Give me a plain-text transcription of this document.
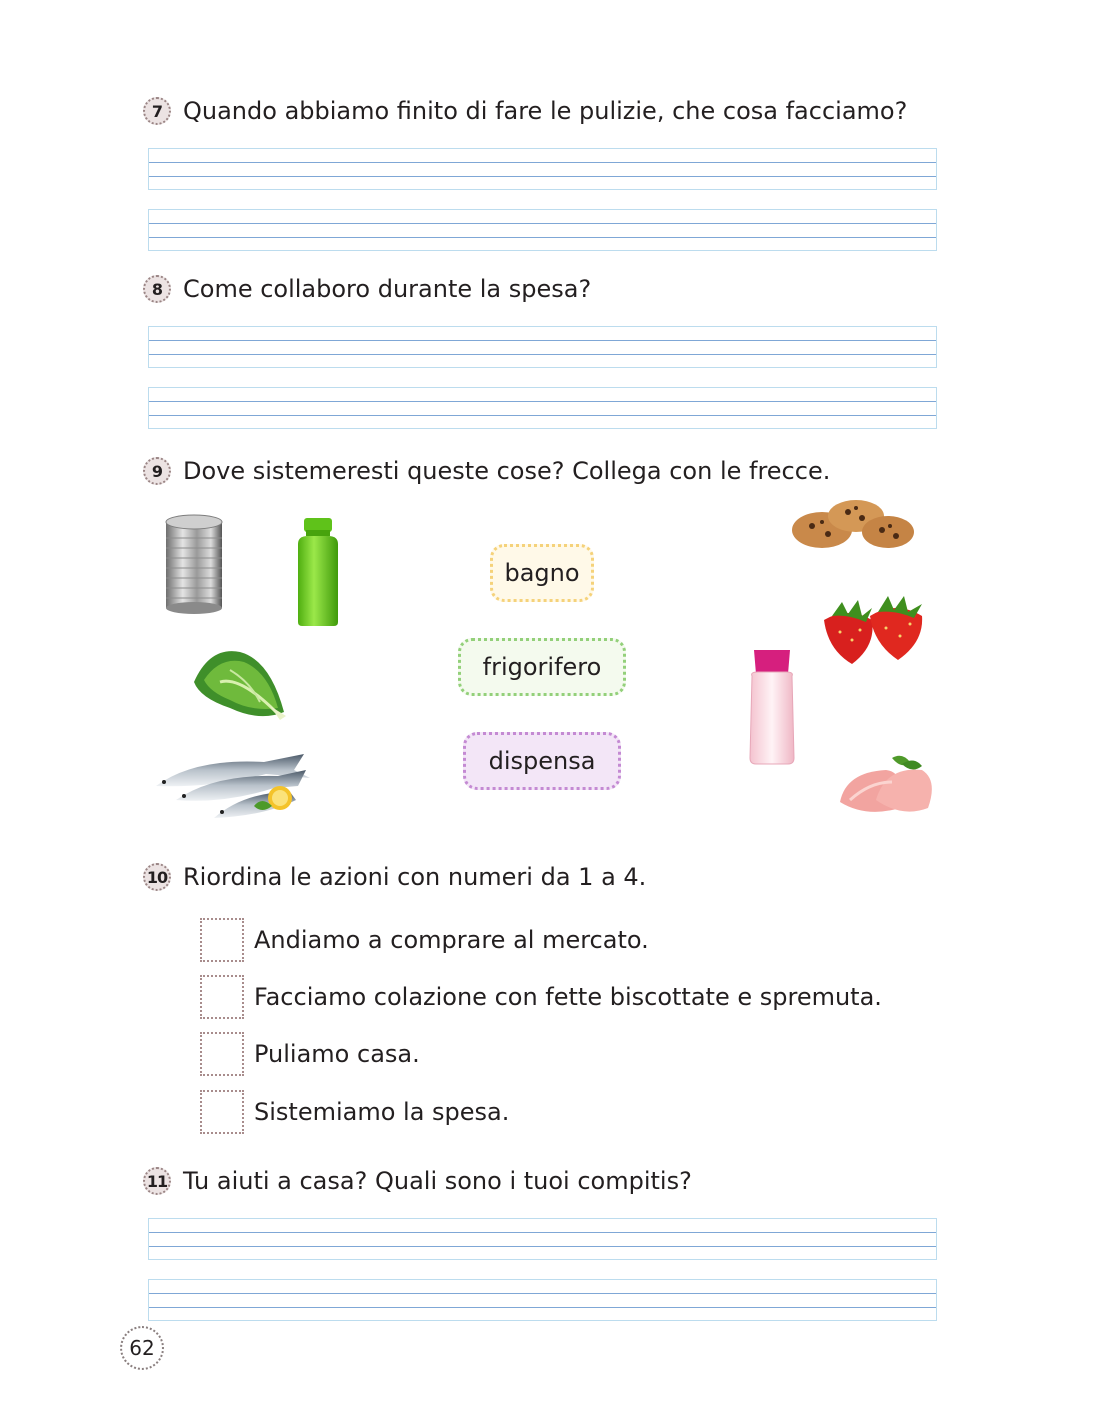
7 Quando abbiamo finito di fare le pulizie, che cosa facciamo?
8 Come collaboro durante la spesa?
9 Dove sistemeresti queste cose? Collega con le frecce.
bagno
frigorifero
dispensa
10 Riordina le azioni con numeri da 1 a 4.
Andiamo a comprare al mercato.
Facciamo colazione con fette biscottate e spremuta.
Puliamo casa.
Sistemiamo la spesa.
11 Tu aiuti a casa? Quali sono i tuoi compitis?
62
